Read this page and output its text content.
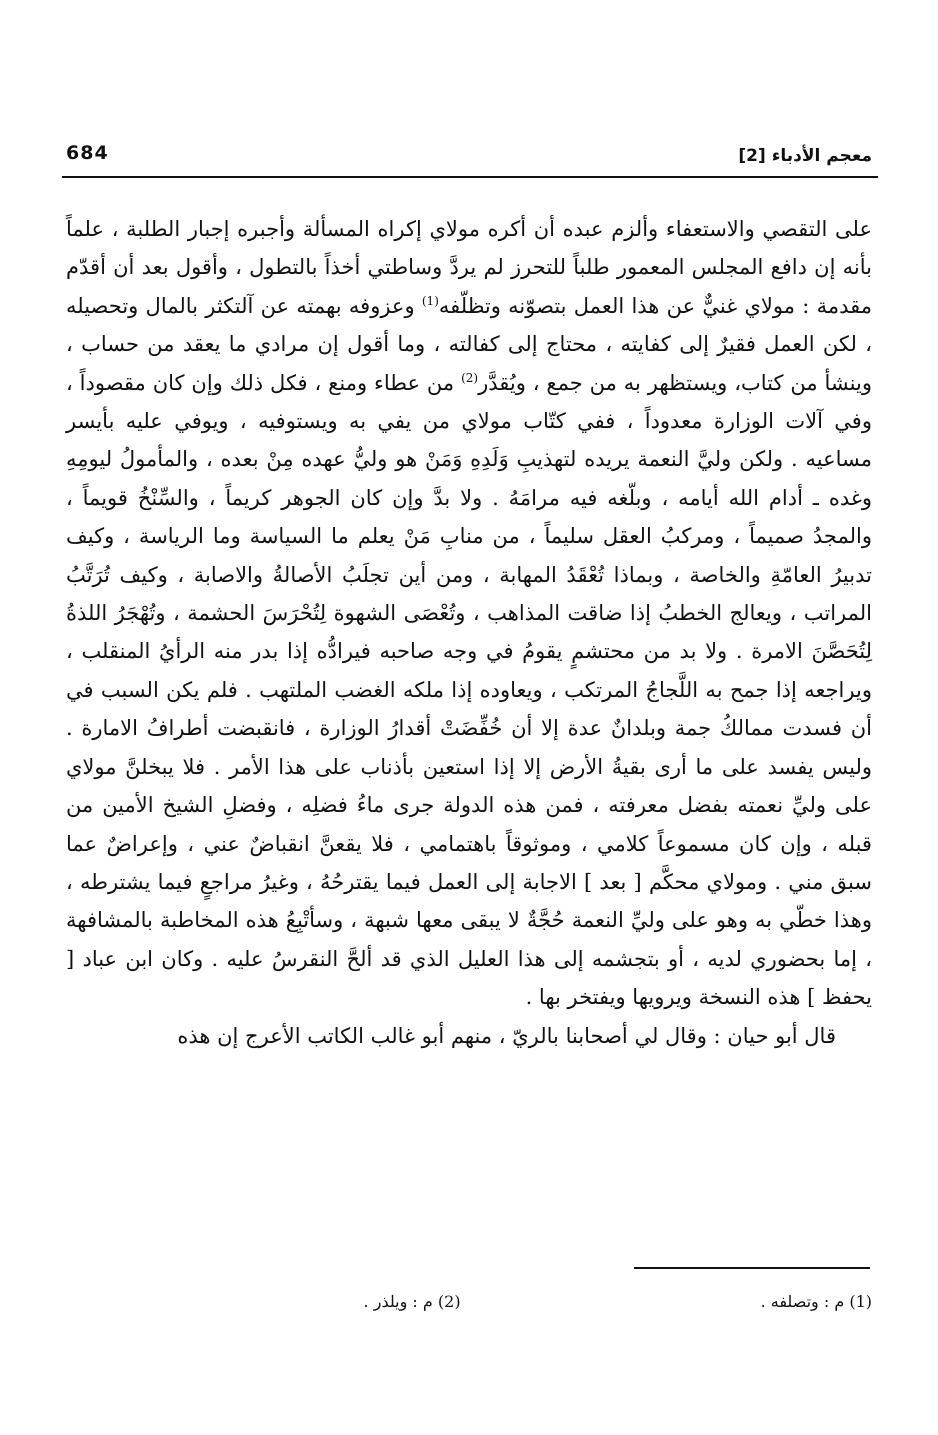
684	معجم الأدباء [2]

على التقصي والاستعفاء وألزم عبده أن أكره مولاي إكراه المسألة وأجبره إجبار الطلبة ، علماً بأنه إن دافع المجلس المعمور طلباً للتحرز لم يردَّ وساطتي أخذاً بالتطول ، وأقول بعد أن أقدّم مقدمة : مولاي غنيٌّ عن هذا العمل بتصوّنه وتظلّفه$^{(1)}$ وعزوفه بهمته عن آلتكثر بالمال وتحصيله ، لكن العمل فقيرٌ إلى كفايته ، محتاج إلى كفالته ، وما أقول إن مرادي ما يعقد من حساب ، وينشأ من كتاب، ويستظهر به من جمع ، ويُقدَّر$^{(2)}$ من عطاء ومنع ، فكل ذلك وإن كان مقصوداً ، وفي آلات الوزارة معدوداً ، ففي كتّاب مولاي من يفي به ويستوفيه ، ويوفي عليه بأيسر مساعيه . ولكن وليَّ النعمة يريده لتهذيبِ وَلَدِهِ وَمَنْ هو وليُّ عهده مِنْ بعده ، والمأمولُ ليومِهِ وغده ـ أدام الله أيامه ، وبلّغه فيه مرامَهُ . ولا بدَّ وإن كان الجوهر كريماً ، والسِّنْخُ قويماً ، والمجدُ صميماً ، ومركبُ العقل سليماً ، من منابِ مَنْ يعلم ما السياسة وما الرياسة ، وكيف تدبيرُ العامّةِ والخاصة ، وبماذا تُعْقَدُ المهابة ، ومن أين تجلَبُ الأصالةُ والاصابة ، وكيف تُرَتَّبُ المراتب ، ويعالج الخطبُ إذا ضاقت المذاهب ، وتُعْصَى الشهوة لِتُحْرَسَ الحشمة ، وتُهْجَرُ اللذةُ لِتُحَصَّنَ الامرة . ولا بد من محتشمٍ يقومُ في وجه صاحبه فيرادُّه إذا بدر منه الرأيُ المنقلب ، ويراجعه إذا جمح به اللَّجاجُ المرتكب ، ويعاوده إذا ملكه الغضب الملتهب . فلم يكن السبب في أن فسدت ممالكُ جمة وبلدانٌ عدة إلا أن خُفِّضَتْ أقدارُ الوزارة ، فانقبضت أطرافُ الامارة . وليس يفسد على ما أرى بقيةُ الأرض إلا إذا استعين بأذناب على هذا الأمر . فلا يبخلنَّ مولاي على وليِّ نعمته بفضل معرفته ، فمن هذه الدولة جرى ماءُ فضلِه ، وفضلِ الشيخ الأمين من قبله ، وإن كان مسموعاً كلامي ، وموثوقاً باهتمامي ، فلا يقعنَّ انقباضٌ عني ، وإعراضٌ عما سبق مني . ومولاي محكَّم [ بعد ] الاجابة إلى العمل فيما يقترحُهُ ، وغيرُ مراجعٍ فيما يشترطه ، وهذا خطّي به وهو على وليِّ النعمة حُجَّةٌ لا يبقى معها شبهة ، وسأتْبِعُ هذه المخاطبة بالمشافهة ، إما بحضوري لديه ، أو بتجشمه إلى هذا العليل الذي قد ألحَّ النقرسُ عليه . وكان ابن عباد [ يحفظ ] هذه النسخة ويرويها ويفتخر بها .

قال أبو حيان : وقال لي أصحابنا بالريّ ، منهم أبو غالب الكاتب الأعرج إن هذه

(1) م : وتصلفه .
(2) م : ويلذر .
